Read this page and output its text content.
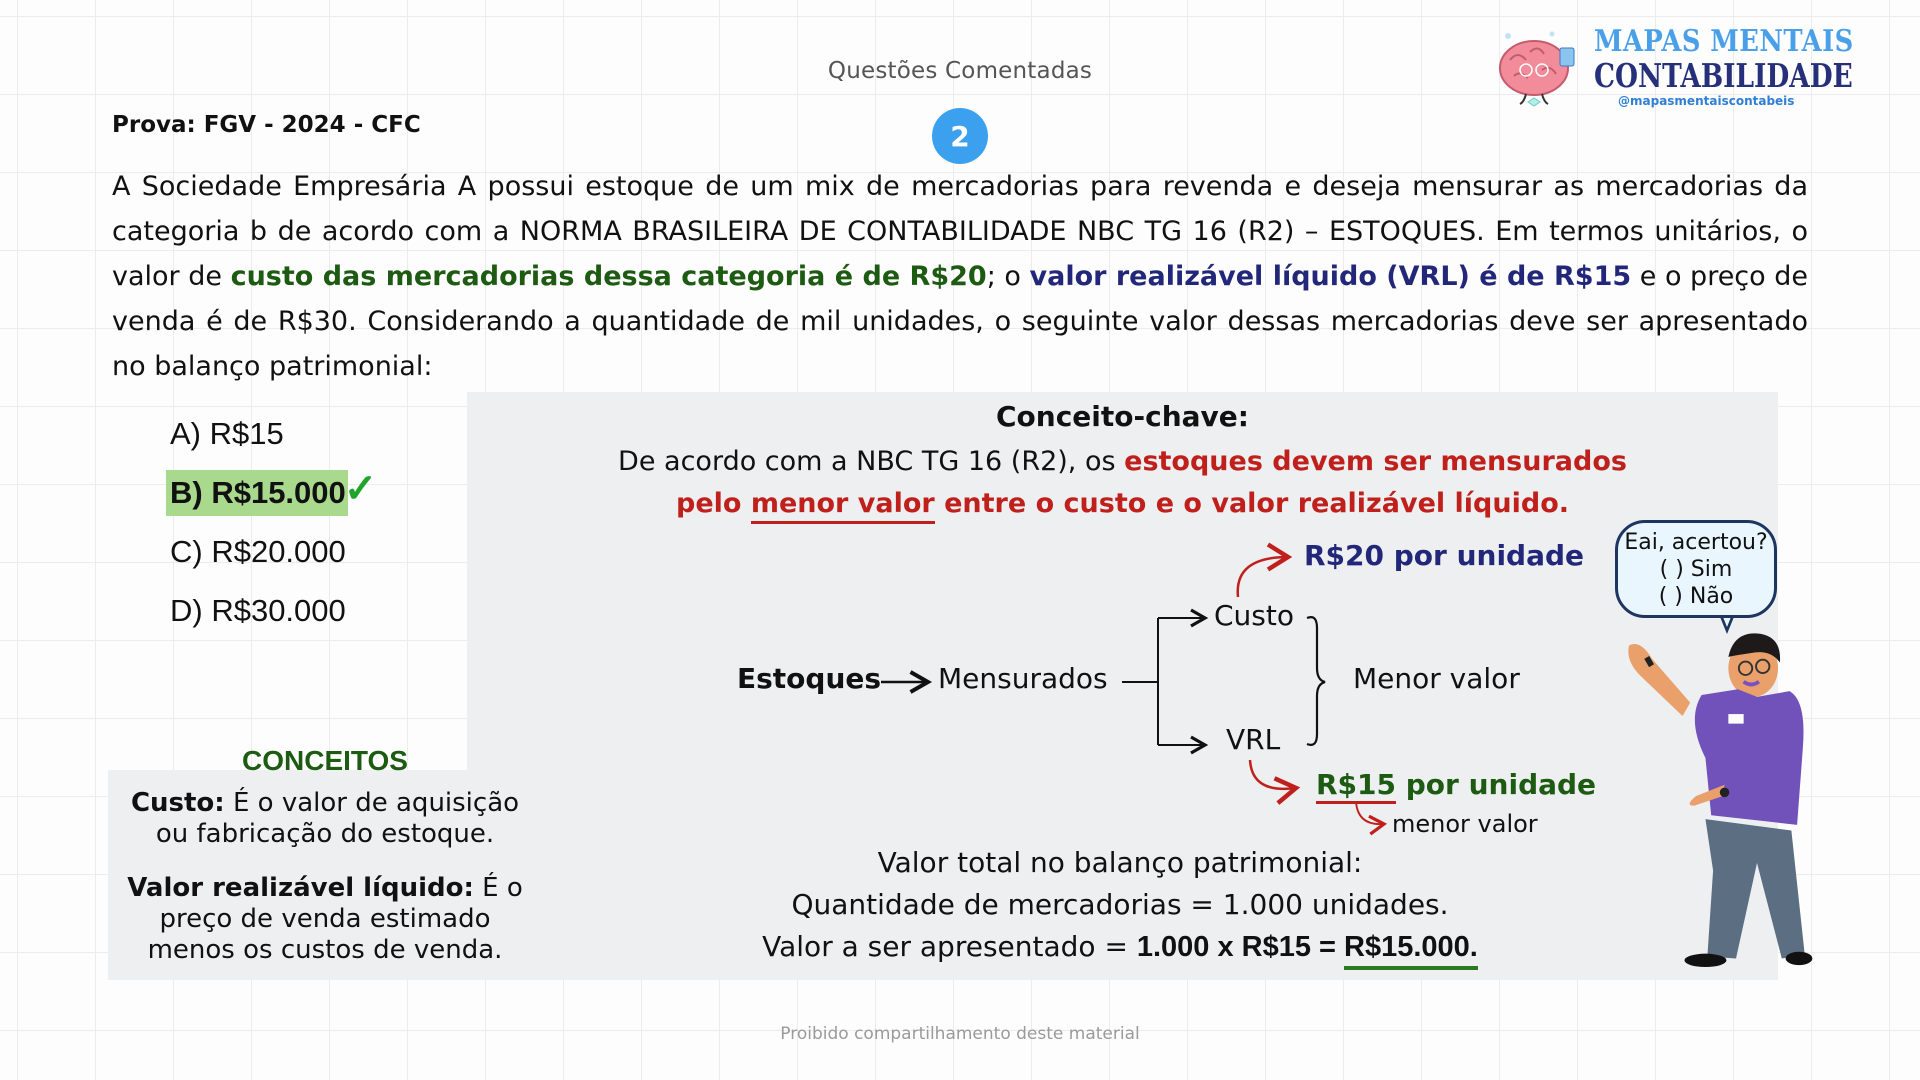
Questões Comentadas
2
Prova: FGV - 2024 - CFC
MAPAS MENTAIS
CONTABILIDADE
@mapasmentaiscontabeis
A Sociedade Empresária A possui estoque de um mix de mercadorias para revenda e deseja mensurar as mercadorias da categoria b de acordo com a NORMA BRASILEIRA DE CONTABILIDADE NBC TG 16 (R2) – ESTOQUES. Em termos unitários, o valor de custo das mercadorias dessa categoria é de R$20; o valor realizável líquido (VRL) é de R$15 e o preço de venda é de R$30. Considerando a quantidade de mil unidades, o seguinte valor dessas mercadorias deve ser apresentado no balanço patrimonial:
A) R$15
B) R$15.000
✓
C) R$20.000
D) R$30.000
Conceito-chave:
De acordo com a NBC TG 16 (R2), os estoques devem ser mensurados
pelo menor valor entre o custo e o valor realizável líquido.
Estoques Mensurados
Custo
VRL
Menor valor
R$20 por unidade
R$15 por unidade
menor valor
Valor total no balanço patrimonial:
Quantidade de mercadorias = 1.000 unidades.
Valor a ser apresentado = 1.000 x R$15 = R$15.000.
CONCEITOS
Custo: É o valor de aquisição ou fabricação do estoque.
Valor realizável líquido: É o preço de venda estimado menos os custos de venda.
Eai, acertou?
( ) Sim
( ) Não
Proibido compartilhamento deste material
